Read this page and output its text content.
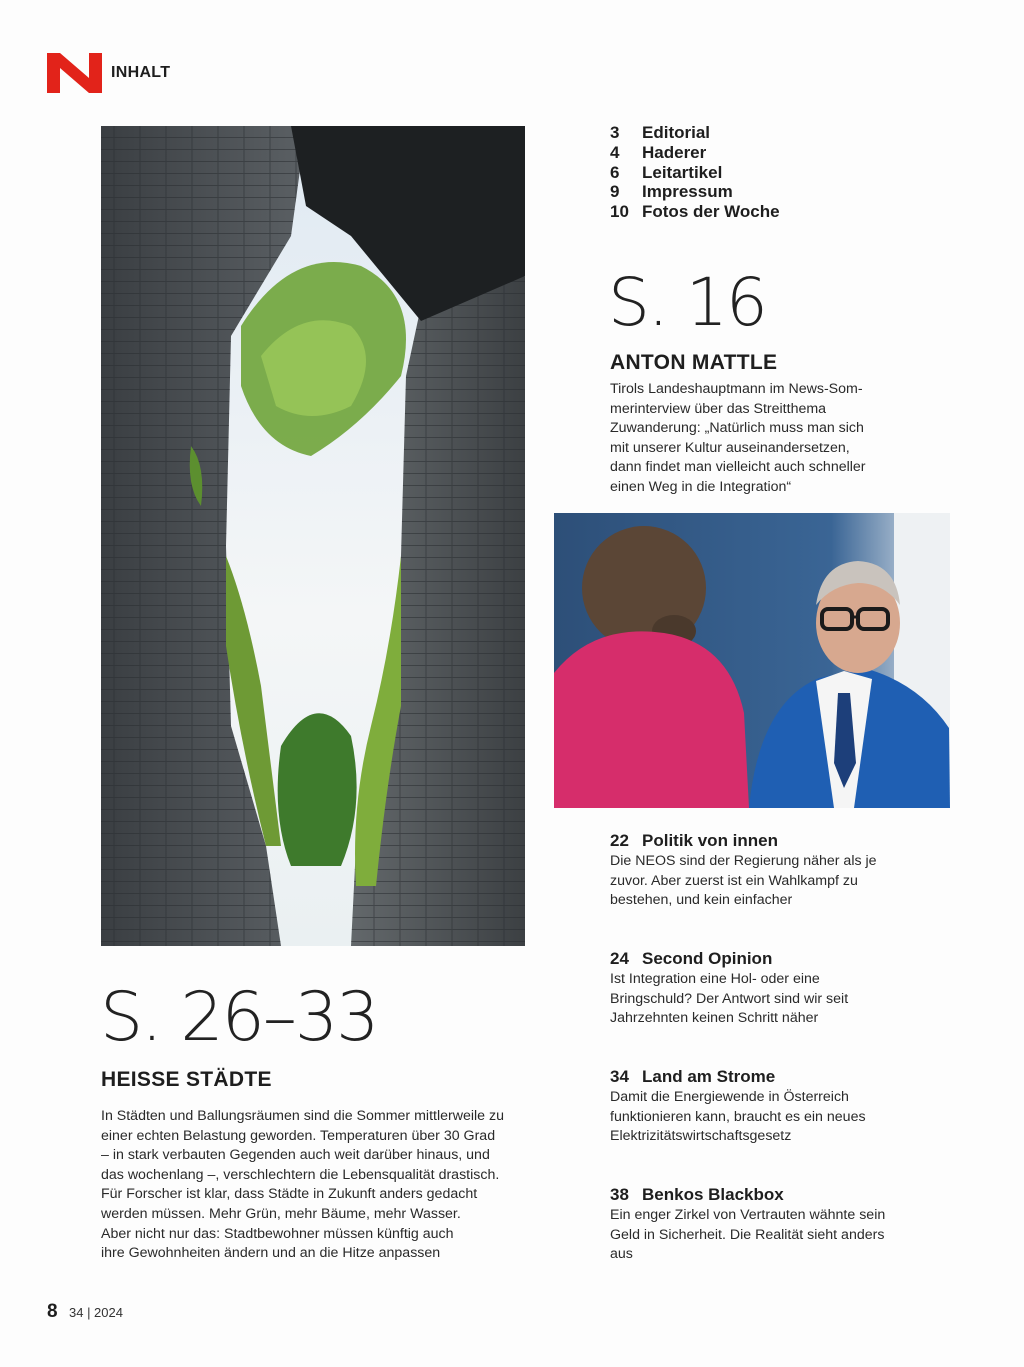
INHALT
3	Editorial
4	Haderer
6	Leitartikel
9	Impressum
10 Fotos der Woche
S. 16
ANTON MATTLE
Tirols Landeshauptmann im News-Som-
merinterview über das Streitthema
Zuwanderung: „Natürlich muss man sich
mit unserer Kultur auseinandersetzen,
dann findet man vielleicht auch schneller
einen Weg in die Integration“
22 Politik von innen
Die NEOS sind der Regierung näher als je
zuvor. Aber zuerst ist ein Wahlkampf zu
bestehen, und kein einfacher
24 Second Opinion
Ist Integration eine Hol- oder eine
Bringschuld? Der Antwort sind wir seit
Jahrzehnten keinen Schritt näher
34 Land am Strome
Damit die Energiewende in Österreich
funktionieren kann, braucht es ein neues
Elektrizitätswirtschaftsgesetz
38 Benkos Blackbox
Ein enger Zirkel von Vertrauten wähnte sein
Geld in Sicherheit. Die Realität sieht anders
aus
S. 26–33
HEISSE STÄDTE
In Städten und Ballungsräumen sind die Sommer mittlerweile zu
einer echten Belastung geworden. Temperaturen über 30 Grad
– in stark verbauten Gegenden auch weit darüber hinaus, und
das wochenlang –, verschlechtern die Lebensqualität drastisch.
Für Forscher ist klar, dass Städte in Zukunft anders gedacht
werden müssen. Mehr Grün, mehr Bäume, mehr Wasser.
Aber nicht nur das: Stadtbewohner müssen künftig auch
ihre Gewohnheiten ändern und an die Hitze anpassen
8 34 | 2024
